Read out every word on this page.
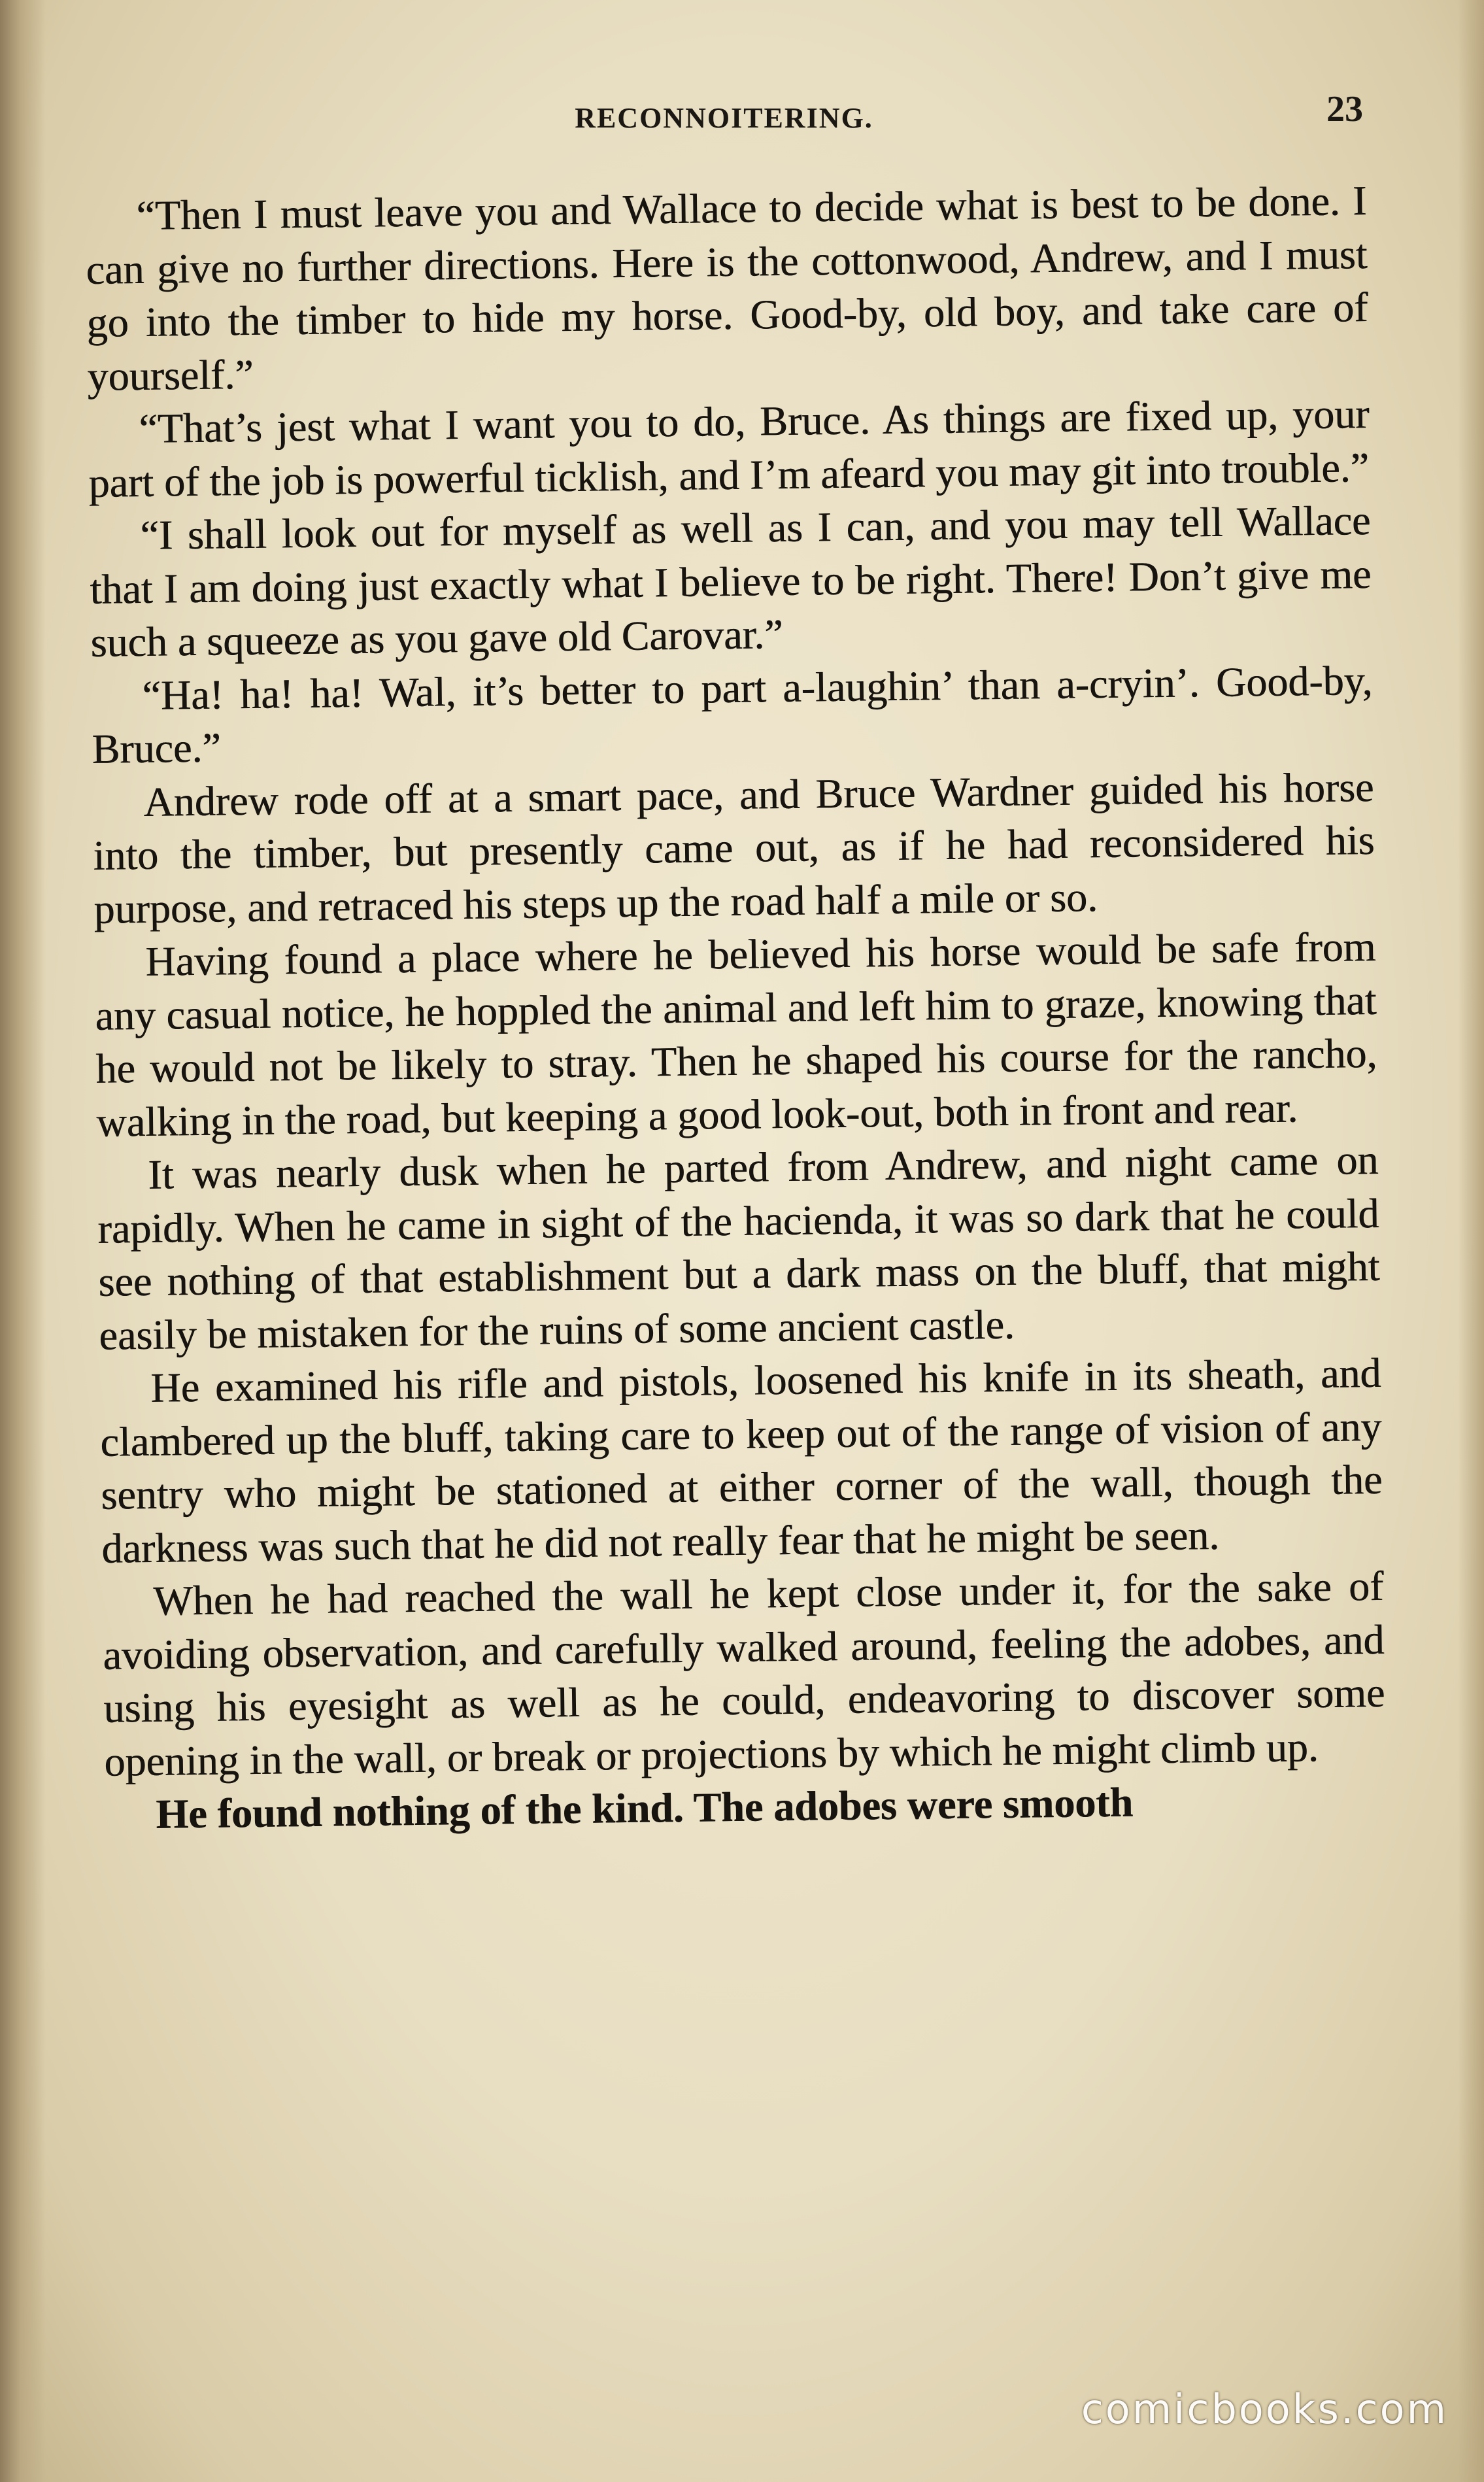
RECONNOITERING.	23

“Then I must leave you and Wallace to decide what is best to be done. I can give no further directions. Here is the cottonwood, Andrew, and I must go into the timber to hide my horse. Good-by, old boy, and take care of yourself.”

“That’s jest what I want you to do, Bruce. As things are fixed up, your part of the job is powerful ticklish, and I’m afeard you may git into trouble.”

“I shall look out for myself as well as I can, and you may tell Wallace that I am doing just exactly what I believe to be right. There! Don’t give me such a squeeze as you gave old Carovar.”

“Ha! ha! ha! Wal, it’s better to part a-laughin’ than a-cryin’. Good-by, Bruce.”

Andrew rode off at a smart pace, and Bruce Wardner guided his horse into the timber, but presently came out, as if he had reconsidered his purpose, and retraced his steps up the road half a mile or so.

Having found a place where he believed his horse would be safe from any casual notice, he hoppled the animal and left him to graze, knowing that he would not be likely to stray. Then he shaped his course for the rancho, walking in the road, but keeping a good look-out, both in front and rear.

It was nearly dusk when he parted from Andrew, and night came on rapidly. When he came in sight of the hacienda, it was so dark that he could see nothing of that establishment but a dark mass on the bluff, that might easily be mistaken for the ruins of some ancient castle.

He examined his rifle and pistols, loosened his knife in its sheath, and clambered up the bluff, taking care to keep out of the range of vision of any sentry who might be stationed at either corner of the wall, though the darkness was such that he did not really fear that he might be seen.

When he had reached the wall he kept close under it, for the sake of avoiding observation, and carefully walked around, feeling the adobes, and using his eyesight as well as he could, endeavoring to discover some opening in the wall, or break or projections by which he might climb up.

He found nothing of the kind. The adobes were smooth

comicbooks.com
